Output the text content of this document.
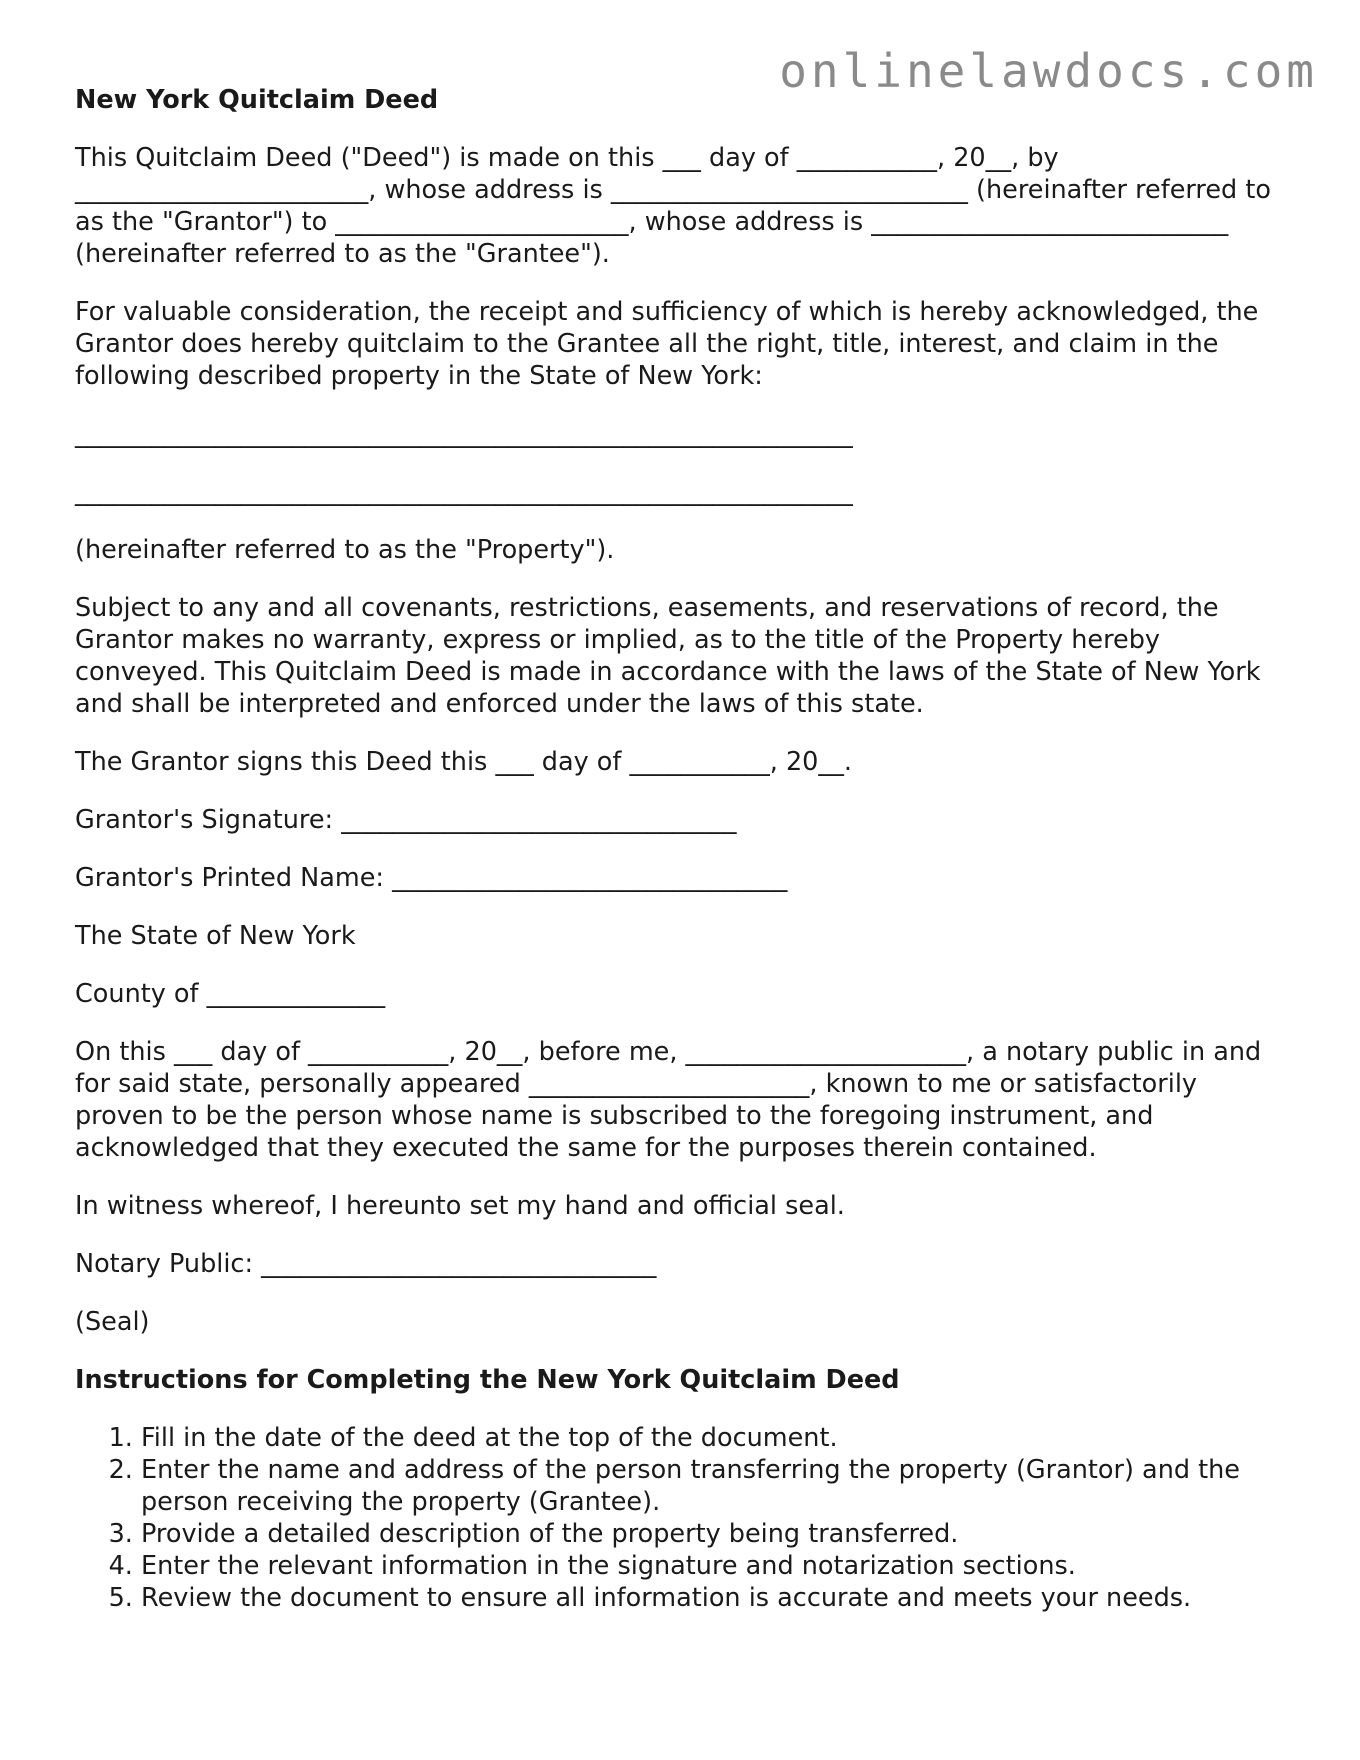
onlinelawdocs.com
New York Quitclaim Deed

This Quitclaim Deed ("Deed") is made on this ___ day of ___________, 20__, by _______________________, whose address is ____________________________ (hereinafter referred to as the "Grantor") to _______________________, whose address is ____________________________ (hereinafter referred to as the "Grantee").

For valuable consideration, the receipt and sufficiency of which is hereby acknowledged, the Grantor does hereby quitclaim to the Grantee all the right, title, interest, and claim in the following described property in the State of New York:

_____________________________________________________________
_____________________________________________________________

(hereinafter referred to as the "Property").

Subject to any and all covenants, restrictions, easements, and reservations of record, the Grantor makes no warranty, express or implied, as to the title of the Property hereby conveyed. This Quitclaim Deed is made in accordance with the laws of the State of New York and shall be interpreted and enforced under the laws of this state.

The Grantor signs this Deed this ___ day of ___________, 20__.

Grantor's Signature: _______________________________

Grantor's Printed Name: _______________________________

The State of New York

County of ______________

On this ___ day of ___________, 20__, before me, ______________________, a notary public in and for said state, personally appeared ______________________, known to me or satisfactorily proven to be the person whose name is subscribed to the foregoing instrument, and acknowledged that they executed the same for the purposes therein contained.

In witness whereof, I hereunto set my hand and official seal.

Notary Public: _______________________________

(Seal)

Instructions for Completing the New York Quitclaim Deed
1. Fill in the date of the deed at the top of the document.
2. Enter the name and address of the person transferring the property (Grantor) and the person receiving the property (Grantee).
3. Provide a detailed description of the property being transferred.
4. Enter the relevant information in the signature and notarization sections.
5. Review the document to ensure all information is accurate and meets your needs.
